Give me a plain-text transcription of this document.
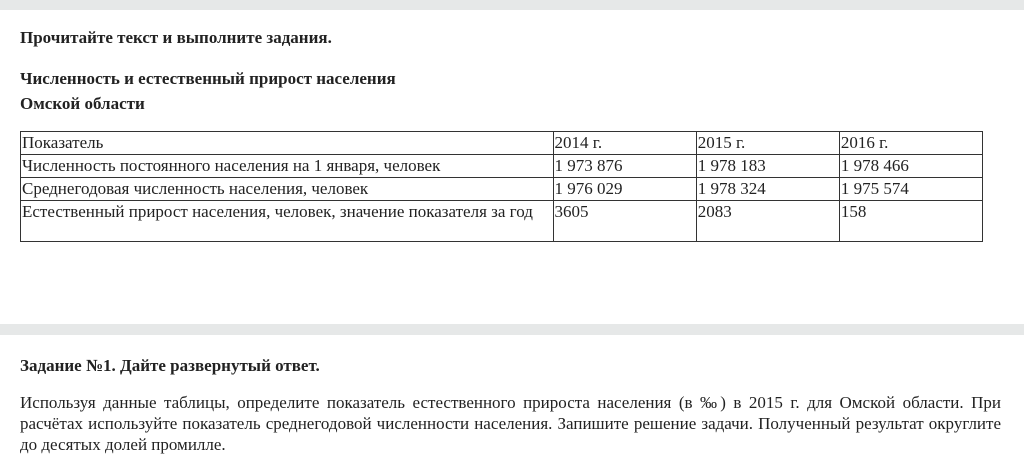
Прочитайте текст и выполните задания.

Численность и естественный прирост населения

Омской области

Показатель	2014 г.	2015 г.	2016 г.
Численность постоянного населения на 1 января, человек	1 973 876	1 978 183	1 978 466
Среднегодовая численность населения, человек	1 976 029	1 978 324	1 975 574
Естественный прирост населения, человек, значение показателя за год	3605	2083	158

Задание №1. Дайте развернутый ответ.

Используя данные таблицы, определите показатель естественного прироста населения (в ‰) в 2015 г. для Омской области. При расчётах используйте показатель среднегодовой численности населения. Запишите решение задачи. Полученный результат округлите до десятых долей промилле.
